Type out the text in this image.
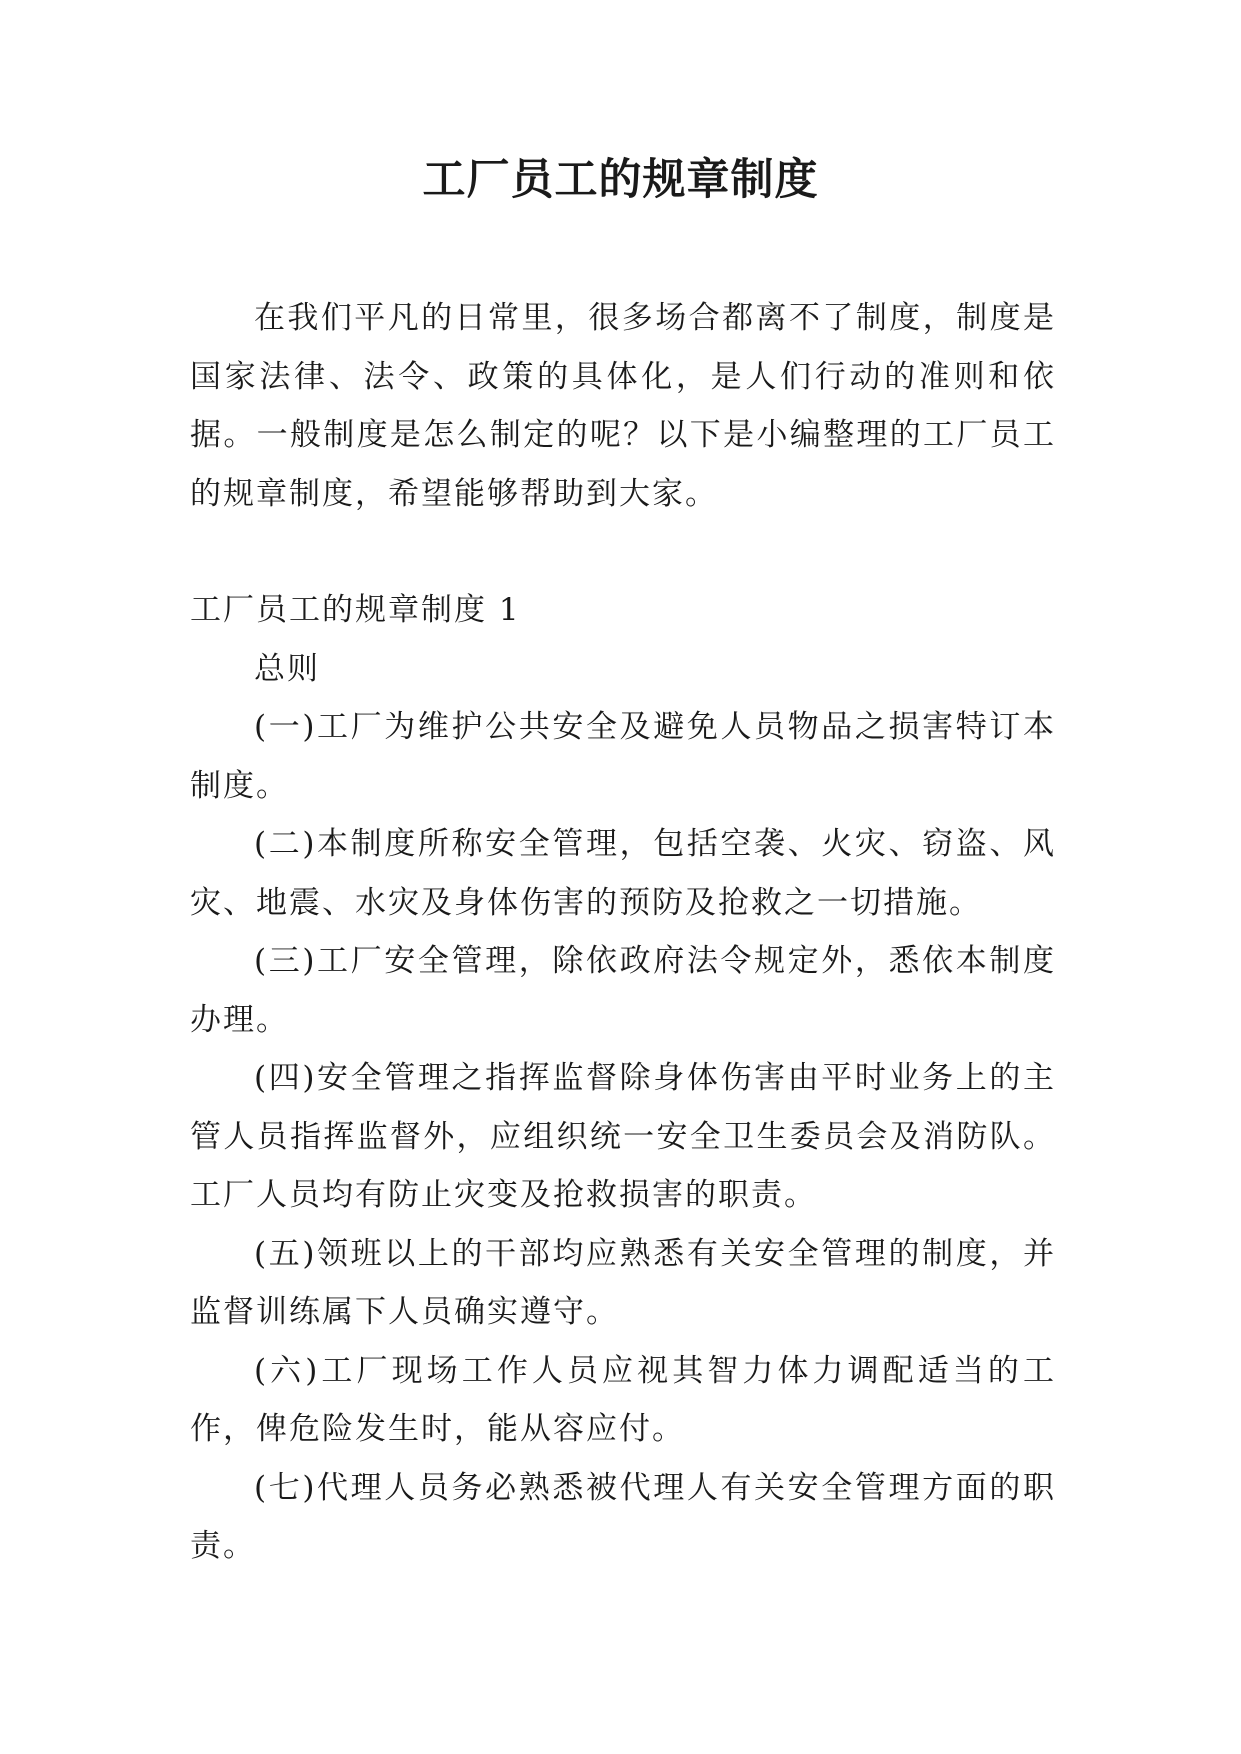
工厂员工的规章制度

在我们平凡的日常里，很多场合都离不了制度，制度是国家法律、法令、政策的具体化，是人们行动的准则和依据。一般制度是怎么制定的呢？以下是小编整理的工厂员工的规章制度，希望能够帮助到大家。

工厂员工的规章制度 1

总则

(一)工厂为维护公共安全及避免人员物品之损害特订本制度。

(二)本制度所称安全管理，包括空袭、火灾、窃盗、风灾、地震、水灾及身体伤害的预防及抢救之一切措施。

(三)工厂安全管理，除依政府法令规定外，悉依本制度办理。

(四)安全管理之指挥监督除身体伤害由平时业务上的主管人员指挥监督外，应组织统一安全卫生委员会及消防队。工厂人员均有防止灾变及抢救损害的职责。

(五)领班以上的干部均应熟悉有关安全管理的制度，并监督训练属下人员确实遵守。

(六)工厂现场工作人员应视其智力体力调配适当的工作，俾危险发生时，能从容应付。

(七)代理人员务必熟悉被代理人有关安全管理方面的职责。
